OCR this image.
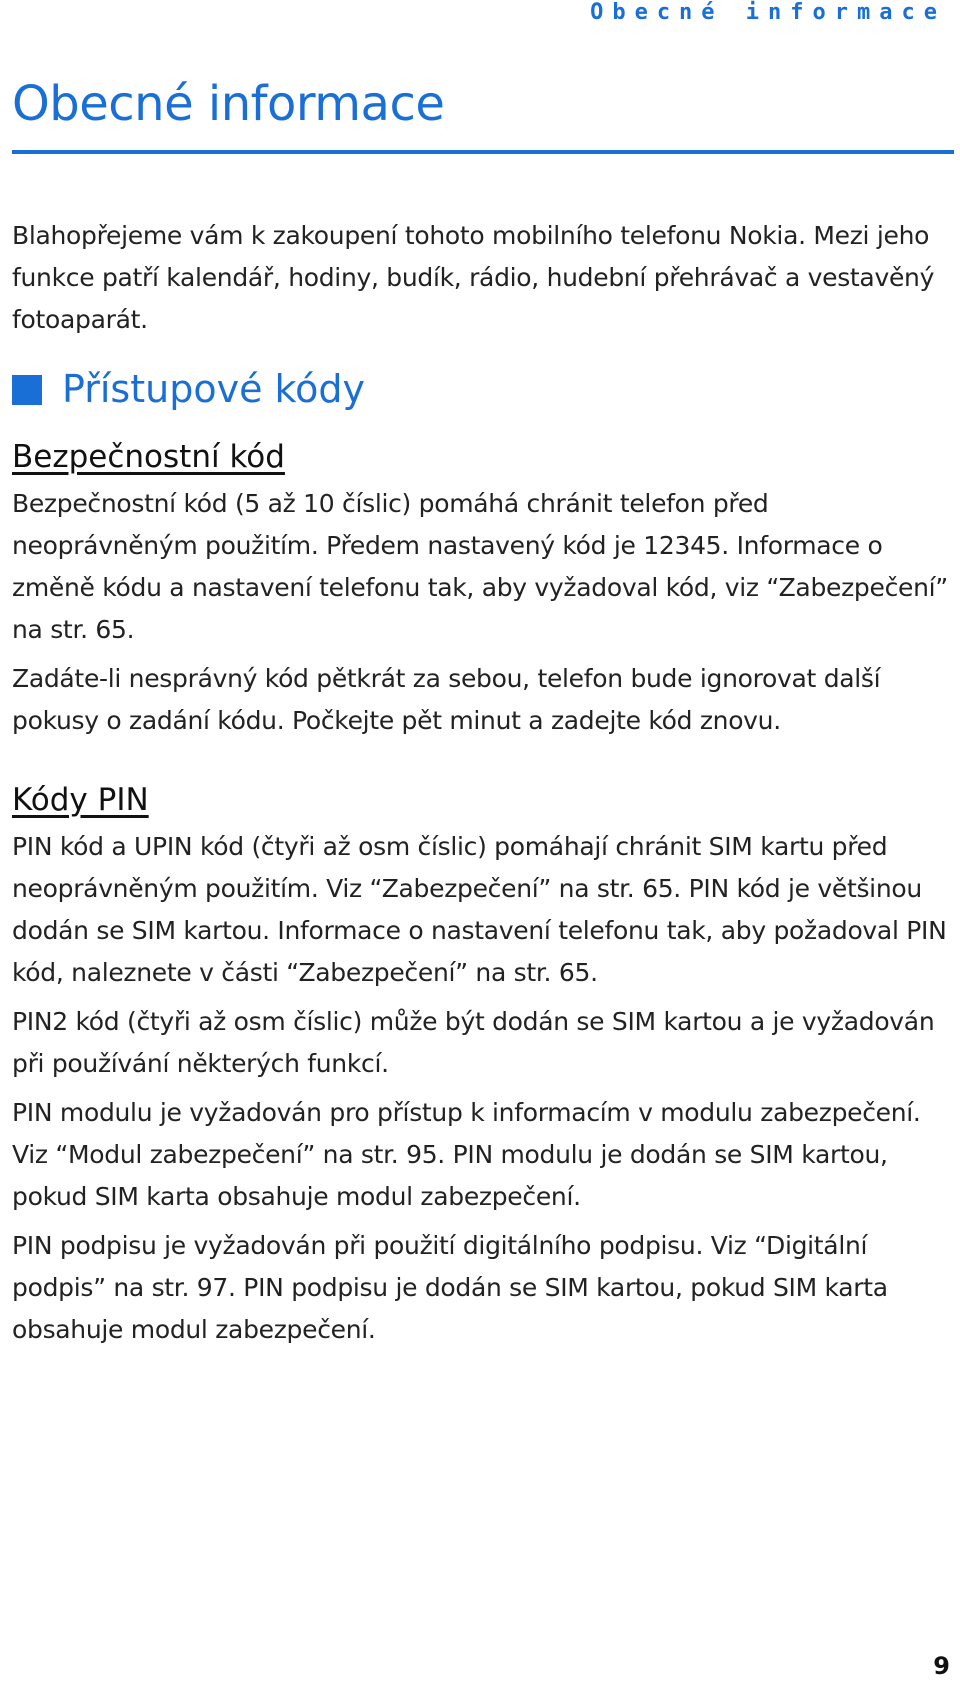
Obecné informace
Obecné informace

Blahopřejeme vám k zakoupení tohoto mobilního telefonu Nokia. Mezi jeho funkce patří kalendář, hodiny, budík, rádio, hudební přehrávač a vestavěný fotoaparát.

Přístupové kódy
Bezpečnostní kód

Bezpečnostní kód (5 až 10 číslic) pomáhá chránit telefon před neoprávněným použitím. Předem nastavený kód je 12345. Informace o změně kódu a nastavení telefonu tak, aby vyžadoval kód, viz “Zabezpečení” na str. 65.

Zadáte-li nesprávný kód pětkrát za sebou, telefon bude ignorovat další pokusy o zadání kódu. Počkejte pět minut a zadejte kód znovu.

Kódy PIN

PIN kód a UPIN kód (čtyři až osm číslic) pomáhají chránit SIM kartu před neoprávněným použitím. Viz “Zabezpečení” na str. 65. PIN kód je většinou dodán se SIM kartou. Informace o nastavení telefonu tak, aby požadoval PIN kód, naleznete v části “Zabezpečení” na str. 65.

PIN2 kód (čtyři až osm číslic) může být dodán se SIM kartou a je vyžadován při používání některých funkcí.

PIN modulu je vyžadován pro přístup k informacím v modulu zabezpečení. Viz “Modul zabezpečení” na str. 95. PIN modulu je dodán se SIM kartou, pokud SIM karta obsahuje modul zabezpečení.

PIN podpisu je vyžadován při použití digitálního podpisu. Viz “Digitální podpis” na str. 97. PIN podpisu je dodán se SIM kartou, pokud SIM karta obsahuje modul zabezpečení.

9
